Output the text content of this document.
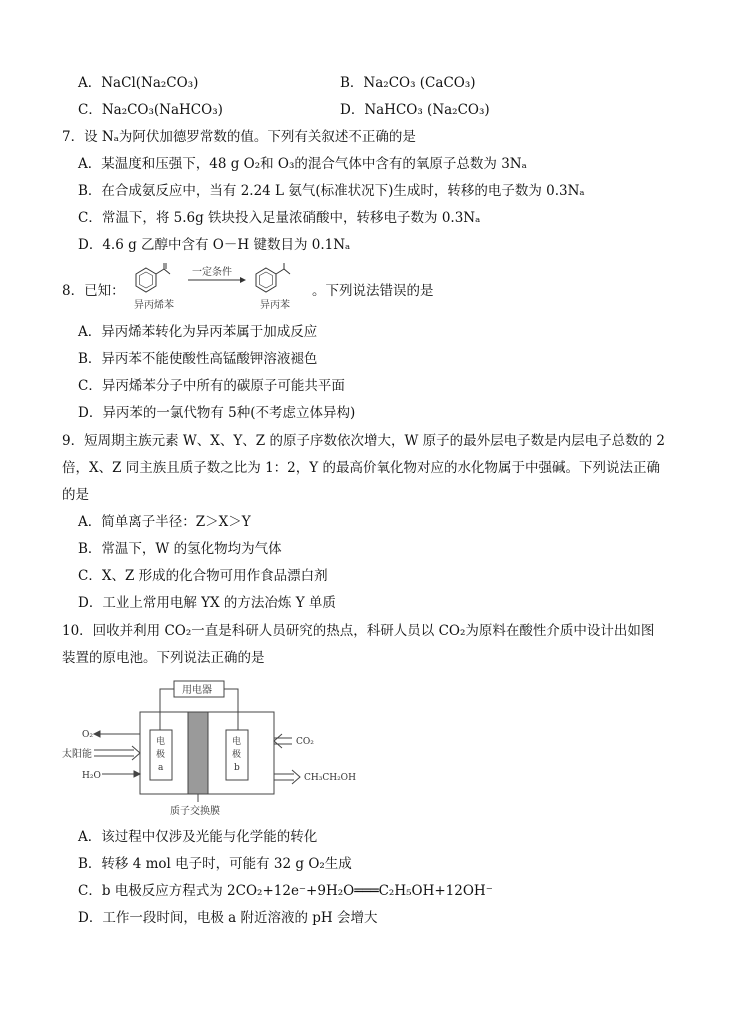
A．NaCl(Na₂CO₃)	B．Na₂CO₃ (CaCO₃)
C．Na₂CO₃(NaHCO₃)	D．NaHCO₃ (Na₂CO₃)
7．设 Nₐ为阿伏加德罗常数的值。下列有关叙述不正确的是
A．某温度和压强下，48 g O₂和 O₃的混合气体中含有的氧原子总数为 3Nₐ
B．在合成氨反应中，当有 2.24 L 氨气(标准状况下)生成时，转移的电子数为 0.3Nₐ
C．常温下，将 5.6g 铁块投入足量浓硝酸中，转移电子数为 0.3Nₐ
D．4.6 g 乙醇中含有 O－H 键数目为 0.1Nₐ
8．已知：
异丙烯苯
一定条件
异丙苯
。下列说法错误的是
A．异丙烯苯转化为异丙苯属于加成反应
B．异丙苯不能使酸性高锰酸钾溶液褪色
C．异丙烯苯分子中所有的碳原子可能共平面
D．异丙苯的一氯代物有 5种(不考虑立体异构)
9．短周期主族元素 W、X、Y、Z 的原子序数依次增大，W 原子的最外层电子数是内层电子总数的 2
倍，X、Z 同主族且质子数之比为 1：2，Y 的最高价氧化物对应的水化物属于中强碱。下列说法正确
的是
A．简单离子半径：Z＞X＞Y
B．常温下，W 的氢化物均为气体
C．X、Z 形成的化合物可用作食品漂白剂
D．工业上常用电解 YX 的方法冶炼 Y 单质
10．回收并利用 CO₂一直是科研人员研究的热点，科研人员以 CO₂为原料在酸性介质中设计出如图
装置的原电池。下列说法正确的是
用电器
电
极
a
电
极
b
O₂
太阳能
H₂O
CO₂
CH₃CH₂OH
质子交换膜
A．该过程中仅涉及光能与化学能的转化
B．转移 4 mol 电子时，可能有 32 g O₂生成
C．b 电极反应方程式为 2CO₂+12e⁻+9H₂O═══C₂H₅OH+12OH⁻
D．工作一段时间，电极 a 附近溶液的 pH 会增大
